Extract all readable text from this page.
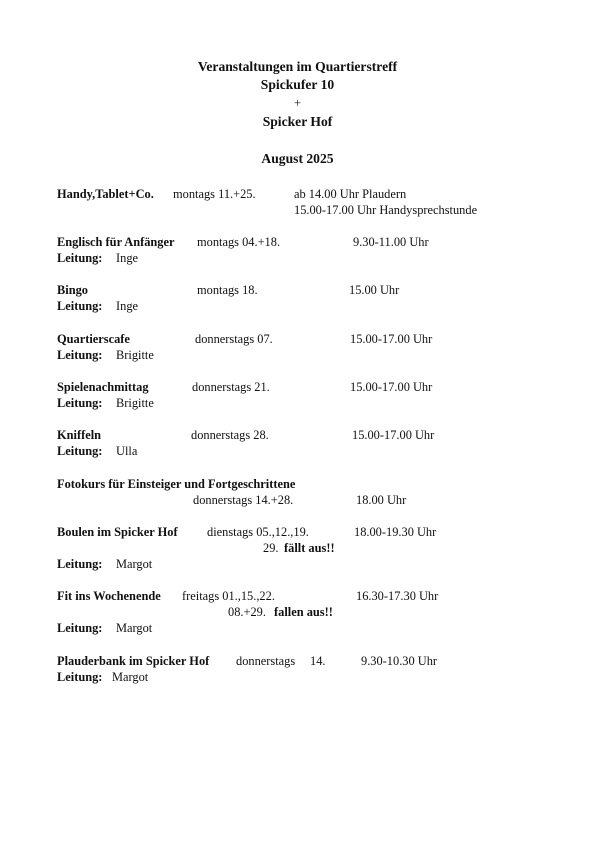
Veranstaltungen im Quartierstreff
Spickufer 10
+
Spicker Hof
August 2025
Handy,Tablet+Co. montags 11.+25.	ab 14.00 Uhr Plaudern
15.00-17.00 Uhr Handysprechstunde
Englisch für Anfänger montags 04.+18.	9.30-11.00 Uhr
Leitung: Inge
Bingo	montags 18.	15.00 Uhr
Leitung: Inge
Quartierscafe	donnerstags 07.	15.00-17.00 Uhr
Leitung: Brigitte
Spielenachmittag	donnerstags 21.	15.00-17.00 Uhr
Leitung: Brigitte
Kniffeln	donnerstags 28.	15.00-17.00 Uhr
Leitung: Ulla
Fotokurs für Einsteiger und Fortgeschrittene
donnerstags 14.+28.	18.00 Uhr
Boulen im Spicker Hof dienstags 05.,12.,19.	18.00-19.30 Uhr
29. fällt aus!!
Leitung: Margot
Fit ins Wochenende freitags 01.,15.,22.	16.30-17.30 Uhr
08.+29. fallen aus!!
Leitung: Margot
Plauderbank im Spicker Hof donnerstags 14.	9.30-10.30 Uhr
Leitung: Margot
